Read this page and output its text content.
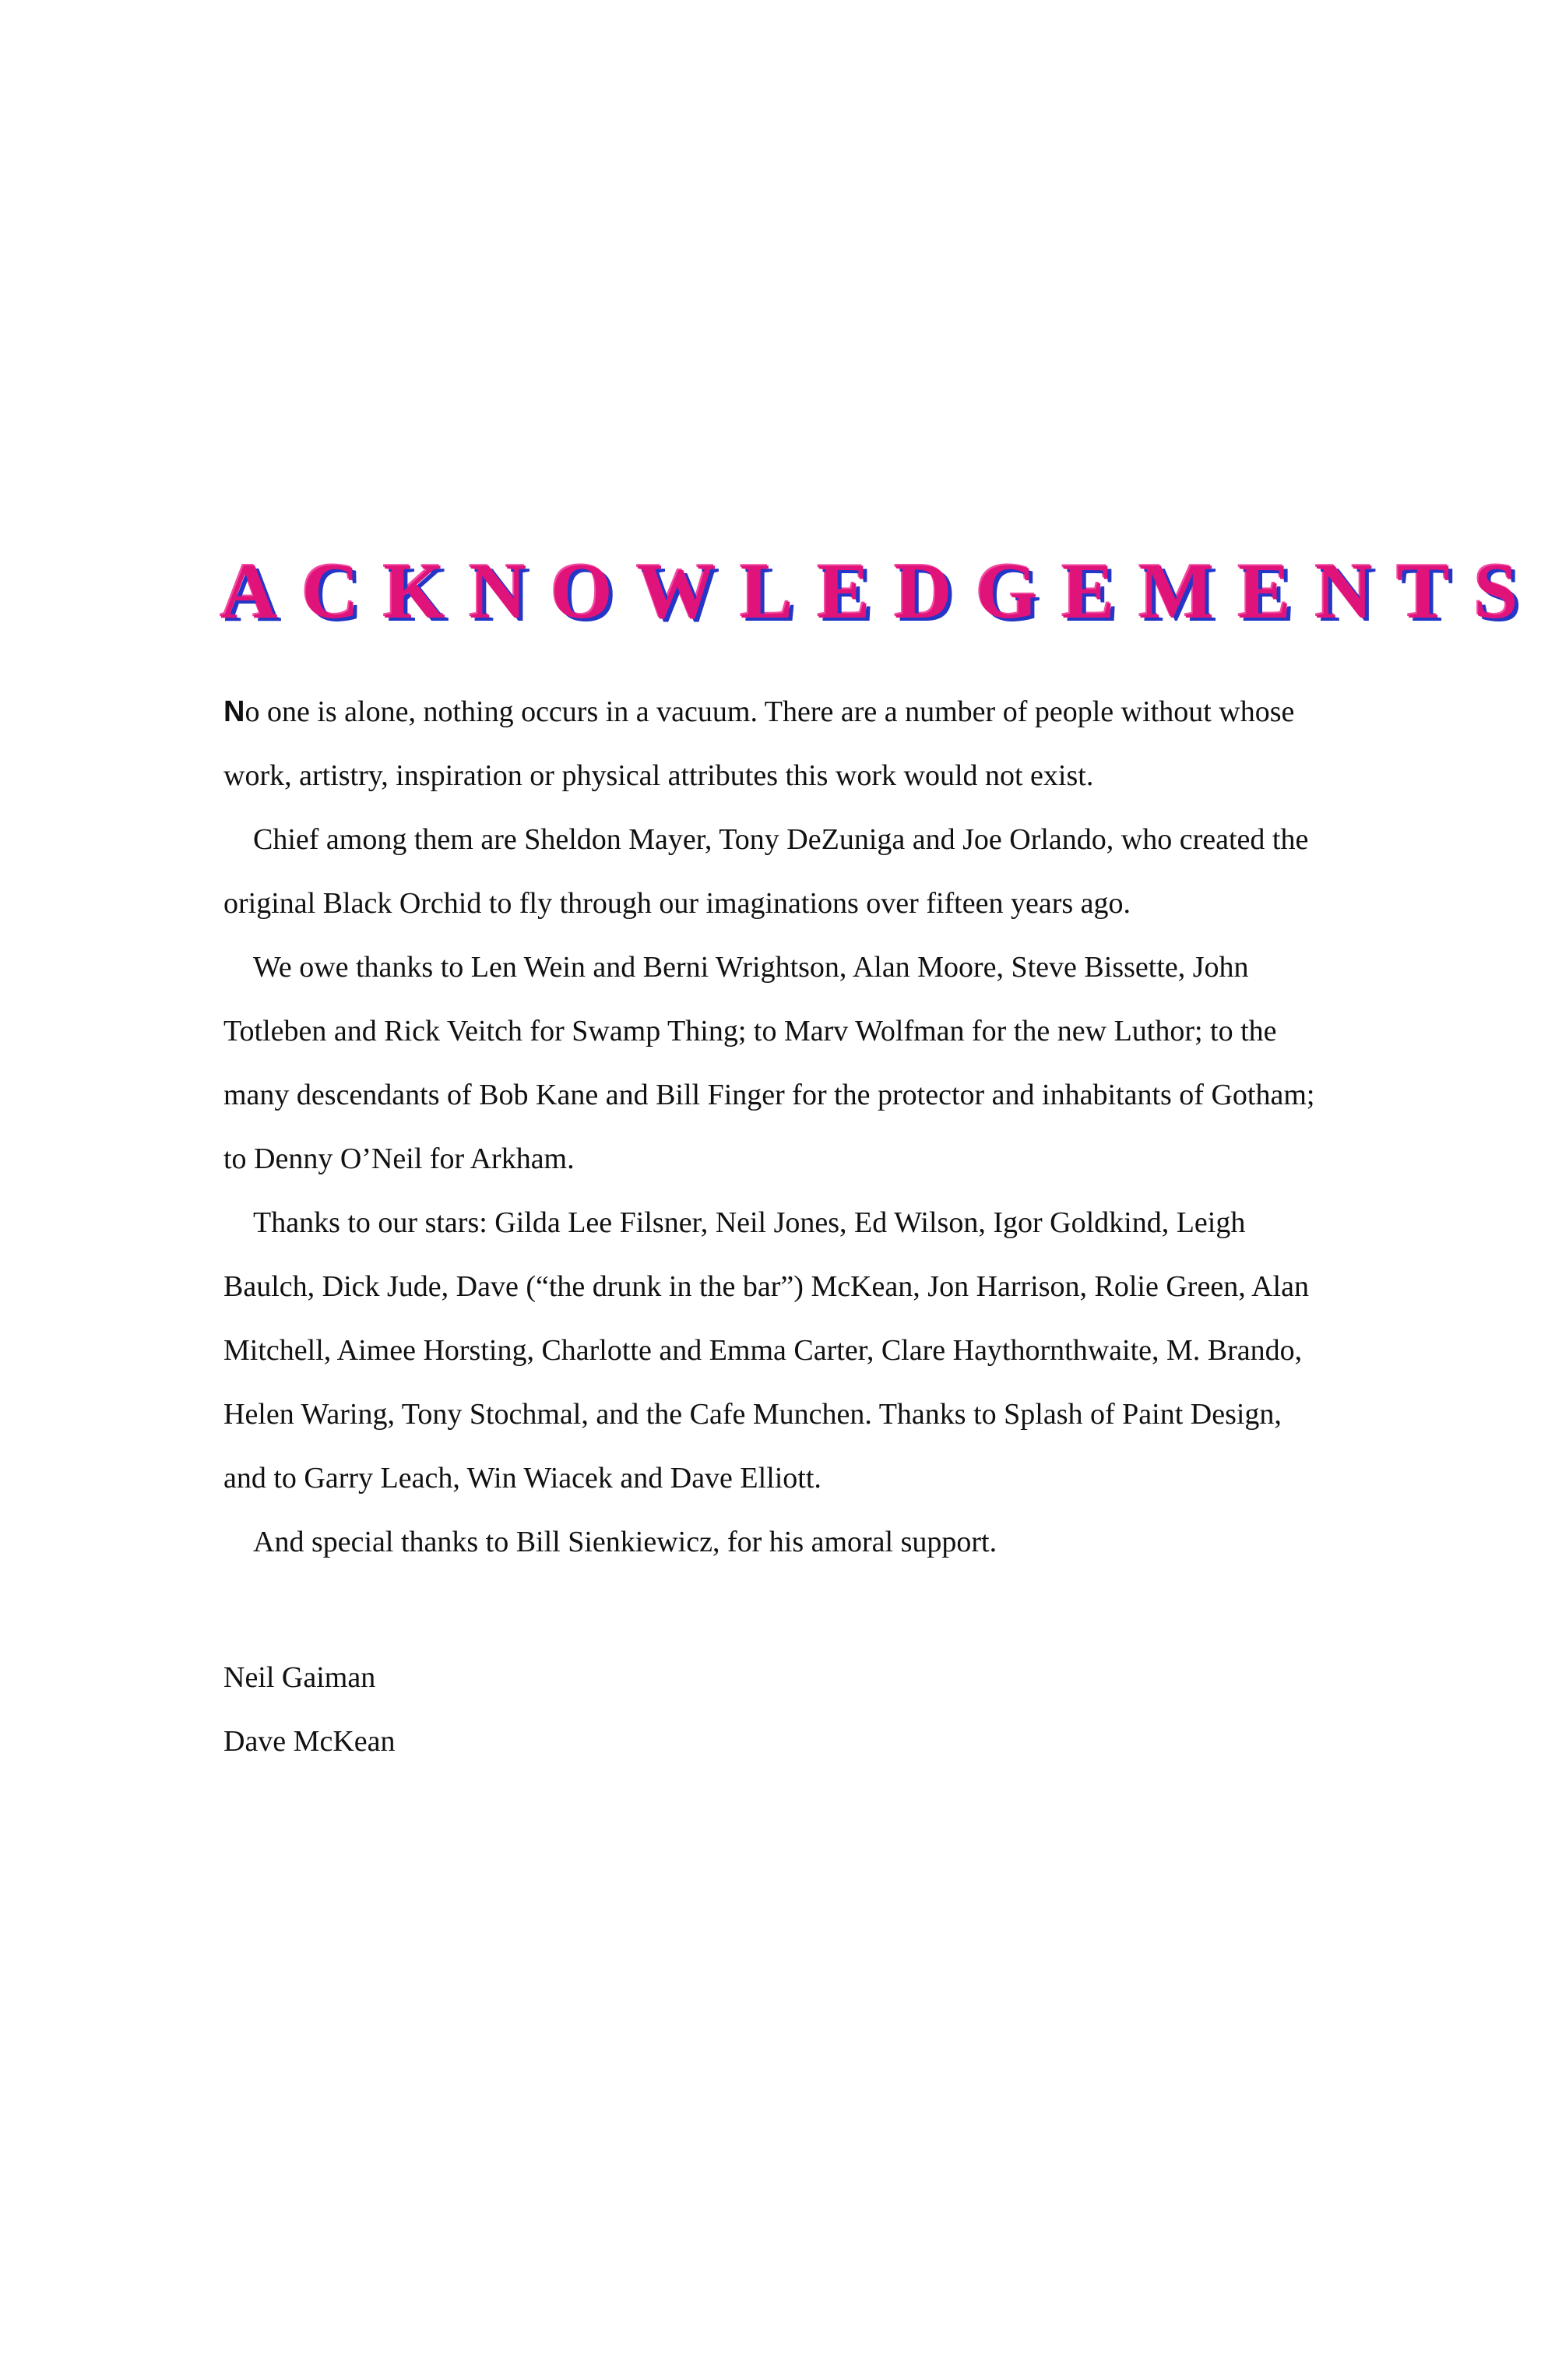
ACKNOWLEDGEMENTS

No one is alone, nothing occurs in a vacuum. There are a number of people without whose work, artistry, inspiration or physical attributes this work would not exist.

Chief among them are Sheldon Mayer, Tony DeZuniga and Joe Orlando, who created the original Black Orchid to fly through our imaginations over fifteen years ago.

We owe thanks to Len Wein and Berni Wrightson, Alan Moore, Steve Bissette, John Totleben and Rick Veitch for Swamp Thing; to Marv Wolfman for the new Luthor; to the many descendants of Bob Kane and Bill Finger for the protector and inhabitants of Gotham; to Denny O’Neil for Arkham.

Thanks to our stars: Gilda Lee Filsner, Neil Jones, Ed Wilson, Igor Goldkind, Leigh Baulch, Dick Jude, Dave (“the drunk in the bar”) McKean, Jon Harrison, Rolie Green, Alan Mitchell, Aimee Horsting, Charlotte and Emma Carter, Clare Haythornthwaite, M. Brando, Helen Waring, Tony Stochmal, and the Cafe Munchen. Thanks to Splash of Paint Design, and to Garry Leach, Win Wiacek and Dave Elliott.

And special thanks to Bill Sienkiewicz, for his amoral support.

Neil Gaiman
Dave McKean
